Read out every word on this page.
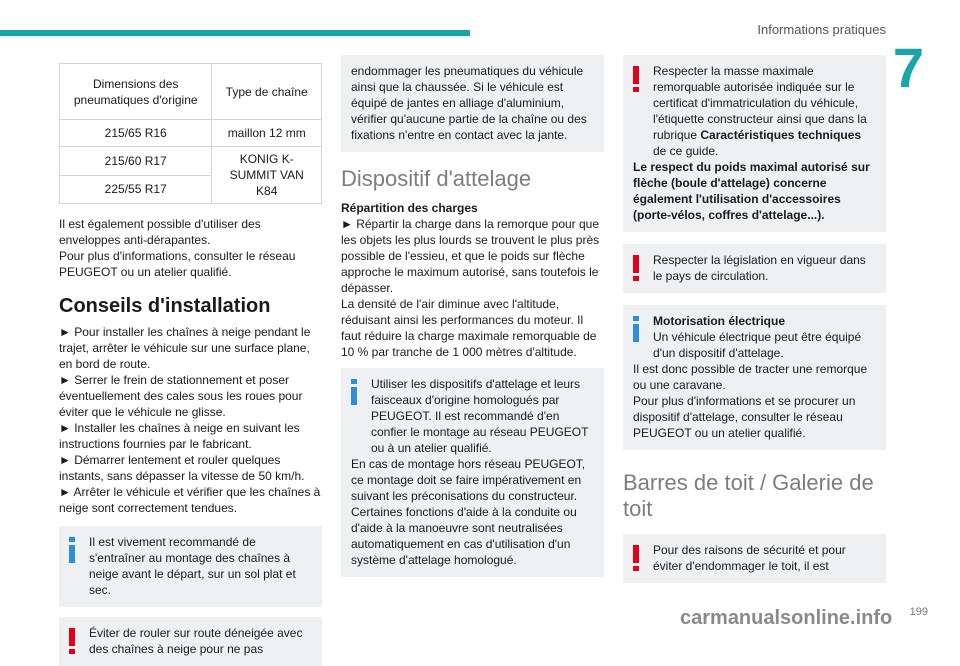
Informations pratiques
7
Dimensions des pneumatiques d'origine	Type de chaîne
215/65 R16	maillon 12 mm
215/60 R17	KONIG K-SUMMIT VAN K84
225/55 R17	

Il est également possible d'utiliser des enveloppes anti-dérapantes.

Pour plus d'informations, consulter le réseau PEUGEOT ou un atelier qualifié.

Conseils d'installation

► Pour installer les chaînes à neige pendant le trajet, arrêter le véhicule sur une surface plane, en bord de route.

► Serrer le frein de stationnement et poser éventuellement des cales sous les roues pour éviter que le véhicule ne glisse.

► Installer les chaînes à neige en suivant les instructions fournies par le fabricant.

► Démarrer lentement et rouler quelques instants, sans dépasser la vitesse de 50 km/h.

► Arrêter le véhicule et vérifier que les chaînes à neige sont correctement tendues.

Il est vivement recommandé de s'entraîner au montage des chaînes à neige avant le départ, sur un sol plat et sec.

Éviter de rouler sur route déneigée avec des chaînes à neige pour ne pas

endommager les pneumatiques du véhicule ainsi que la chaussée. Si le véhicule est équipé de jantes en alliage d'aluminium, vérifier qu'aucune partie de la chaîne ou des fixations n'entre en contact avec la jante.

Dispositif d'attelage

Répartition des charges

► Répartir la charge dans la remorque pour que les objets les plus lourds se trouvent le plus près possible de l'essieu, et que le poids sur flèche approche le maximum autorisé, sans toutefois le dépasser.

La densité de l'air diminue avec l'altitude, réduisant ainsi les performances du moteur. Il faut réduire la charge maximale remorquable de 10 % par tranche de 1 000 mètres d'altitude.

Utiliser les dispositifs d'attelage et leurs faisceaux d'origine homologués par PEUGEOT. Il est recommandé d'en confier le montage au réseau PEUGEOT ou à un atelier qualifié.

En cas de montage hors réseau PEUGEOT, ce montage doit se faire impérativement en suivant les préconisations du constructeur. Certaines fonctions d'aide à la conduite ou d'aide à la manoeuvre sont neutralisées automatiquement en cas d'utilisation d'un système d'attelage homologué.

Respecter la masse maximale remorquable autorisée indiquée sur le certificat d'immatriculation du véhicule, l'étiquette constructeur ainsi que dans la rubrique Caractéristiques techniques de ce guide.

Le respect du poids maximal autorisé sur flèche (boule d'attelage) concerne également l'utilisation d'accessoires (porte-vélos, coffres d'attelage...).

Respecter la législation en vigueur dans le pays de circulation.

Motorisation électrique

Un véhicule électrique peut être équipé d'un dispositif d'attelage.

Il est donc possible de tracter une remorque ou une caravane.

Pour plus d'informations et se procurer un dispositif d'attelage, consulter le réseau PEUGEOT ou un atelier qualifié.

Barres de toit / Galerie de toit

Pour des raisons de sécurité et pour éviter d'endommager le toit, il est

carmanualsonline.info 199
